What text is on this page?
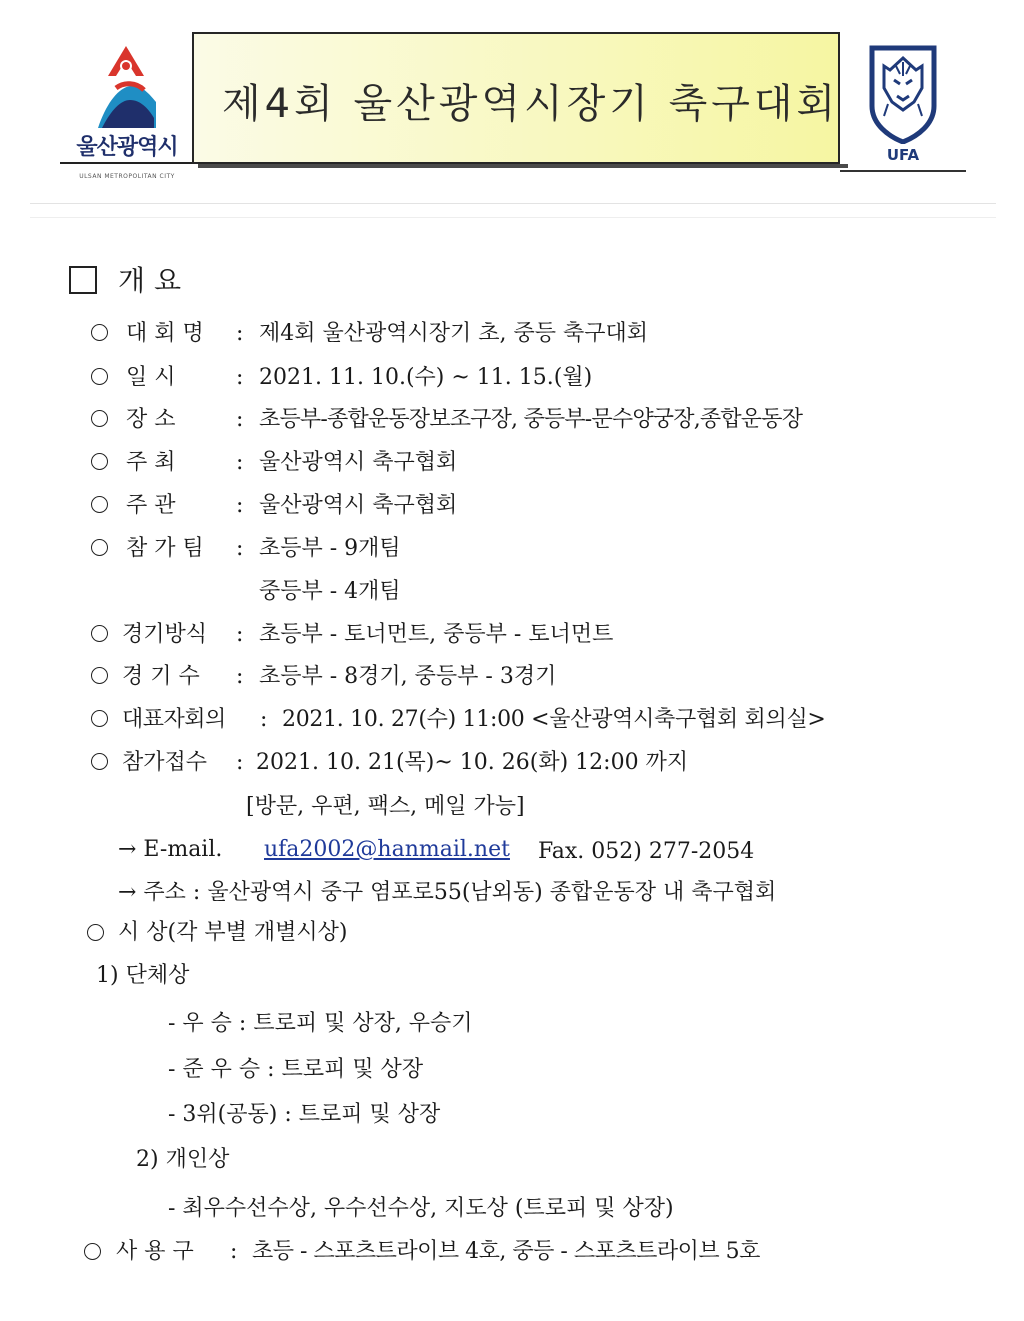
울산광역시
ULSAN METROPOLITAN CITY
제4회 울산광역시장기 축구대회
UFA
개 요
대 회 명 : 제4회 울산광역시장기 초, 중등 축구대회
일 시	: 2021. 11. 10.(수) ~ 11. 15.(월)
장 소	: 초등부-종합운동장보조구장, 중등부-문수양궁장,종합운동장
주 최	: 울산광역시 축구협회
주 관	: 울산광역시 축구협회
참 가 팀 : 초등부 - 9개팀
중등부 - 4개팀
경기방식 : 초등부 - 토너먼트, 중등부 - 토너먼트
경 기 수 : 초등부 - 8경기, 중등부 - 3경기
대표자회의 : 2021. 10. 27(수) 11:00 <울산광역시축구협회 회의실>
참가접수 : 2021. 10. 21(목)~ 10. 26(화) 12:00 까지
[방문, 우편, 팩스, 메일 가능]
→ E-mail. ufa2002@hanmail.net Fax. 052) 277-2054
→ 주소 : 울산광역시 중구 염포로55(남외동) 종합운동장 내 축구협회
시 상(각 부별 개별시상)
1) 단체상
- 우 승 : 트로피 및 상장, 우승기
- 준 우 승 : 트로피 및 상장
- 3위(공동) : 트로피 및 상장
2) 개인상
- 최우수선수상, 우수선수상, 지도상 (트로피 및 상장)
사 용 구 : 초등 - 스포츠트라이브 4호, 중등 - 스포츠트라이브 5호
